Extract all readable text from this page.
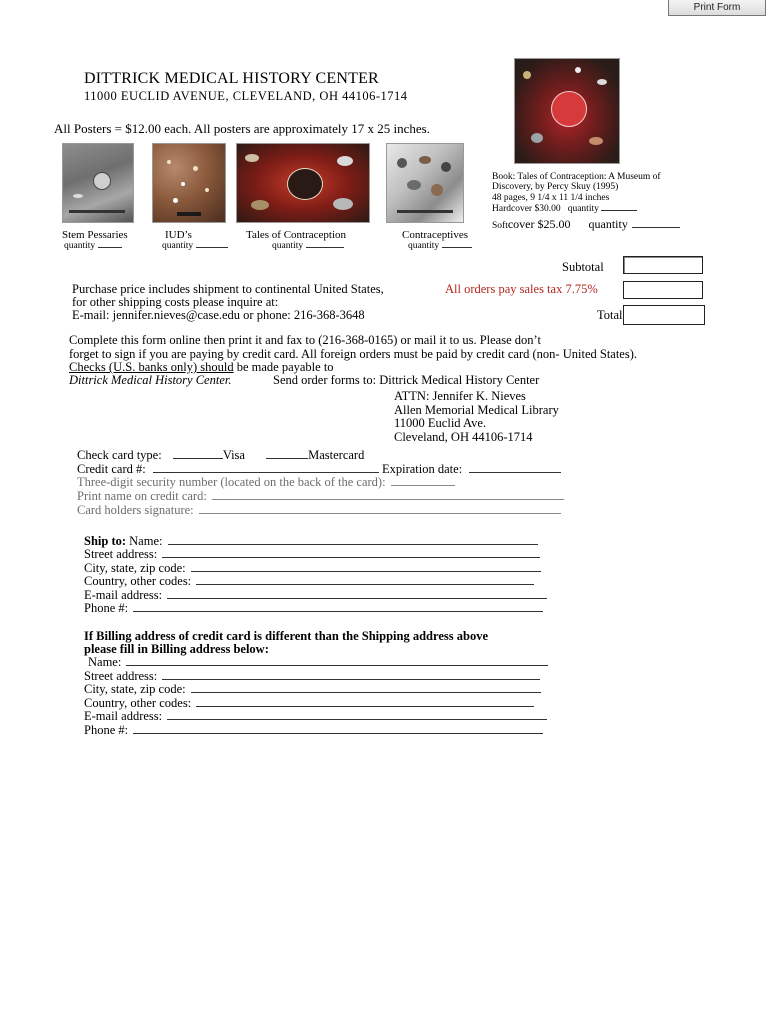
Print Form
DITTRICK MEDICAL HISTORY CENTER
11000 EUCLID AVENUE, CLEVELAND, OH 44106-1714
All Posters = $12.00 each. All posters are approximately 17 x 25 inches.
Stem Pessaries
quantity
IUD’s
quantity
Tales of Contraception
quantity
Contraceptives
quantity
Book: Tales of Contraception: A Museum of
Discovery, by Percy Skuy (1995)
48 pages, 9 1/4 x 11 1/4 inches
Hardcover $30.00 quantity
Softcover $25.00 quantity
Subtotal
All orders pay sales tax 7.75%
Total
Purchase price includes shipment to continental United States,
for other shipping costs please inquire at:
E-mail: jennifer.nieves@case.edu or phone: 216-368-3648
Complete this form online then print it and fax to (216-368-0165) or mail it to us. Please don’t
forget to sign if you are paying by credit card. All foreign orders must be paid by credit card (non- United States).
Checks (U.S. banks only) should be made payable to
Dittrick Medical History Center.	Send order forms to: Dittrick Medical History Center
ATTN: Jennifer K. Nieves
Allen Memorial Medical Library
11000 Euclid Ave.
Cleveland, OH 44106-1714
Check card type:	Visa	Mastercard
Credit card #:	Expiration date:
Three-digit security number (located on the back of the card):
Print name on credit card:
Card holders signature:
Ship to: Name:
Street address:
City, state, zip code:
Country, other codes:
E-mail address:
Phone #:
If Billing address of credit card is different than the Shipping address above
please fill in Billing address below:
Name:
Street address:
City, state, zip code:
Country, other codes:
E-mail address:
Phone #:
